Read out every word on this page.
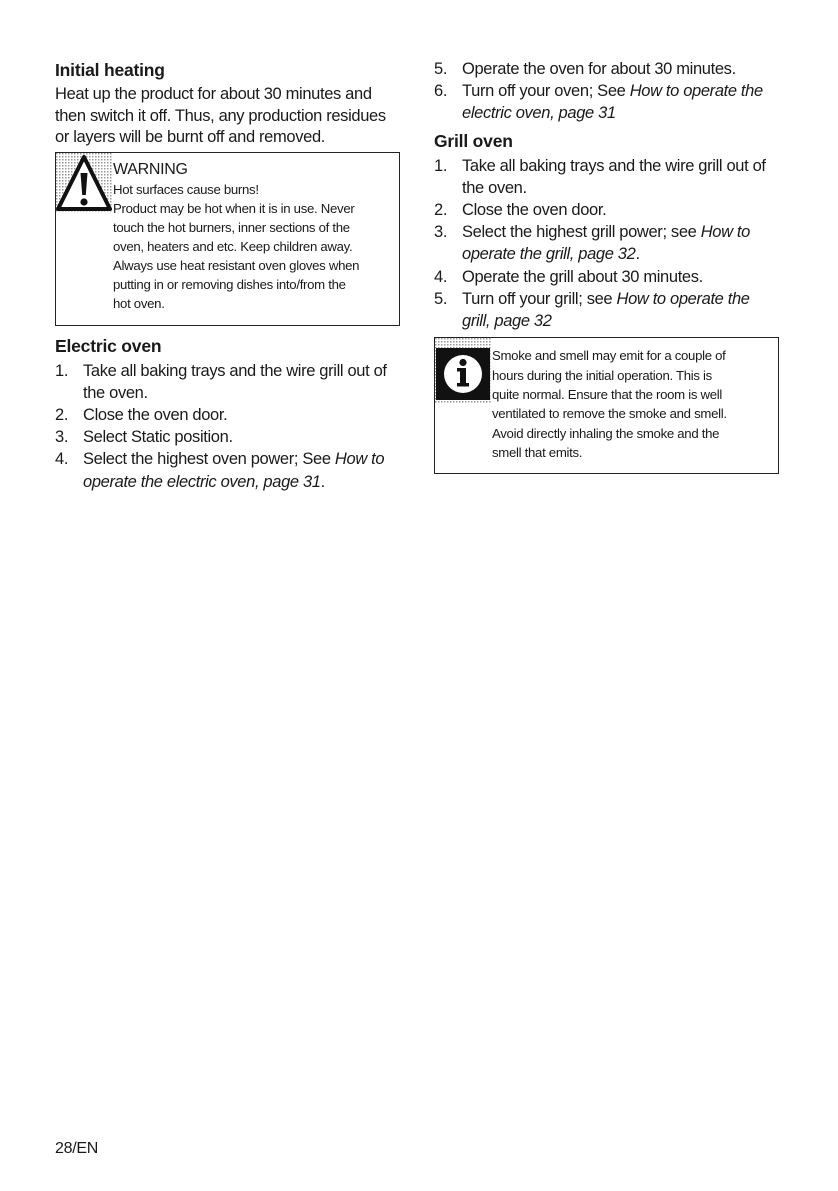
Initial heating

Heat up the product for about 30 minutes and
then switch it off. Thus, any production residues
or layers will be burnt off and removed.

WARNING
Hot surfaces cause burns!
Product may be hot when it is in use. Never
touch the hot burners, inner sections of the
oven, heaters and etc. Keep children away.
Always use heat resistant oven gloves when
putting in or removing dishes into/from the
hot oven.
Electric oven
1. Take all baking trays and the wire grill out of
the oven.
2. Close the oven door.
3. Select Static position.
4. Select the highest oven power; See How to
operate the electric oven, page 31.
5. Operate the oven for about 30 minutes.
6. Turn off your oven; See How to operate the
electric oven, page 31
Grill oven
1. Take all baking trays and the wire grill out of
the oven.
2. Close the oven door.
3. Select the highest grill power; see How to
operate the grill, page 32.
4. Operate the grill about 30 minutes.
5. Turn off your grill; see How to operate the
grill, page 32
Smoke and smell may emit for a couple of
hours during the initial operation. This is
quite normal. Ensure that the room is well
ventilated to remove the smoke and smell.
Avoid directly inhaling the smoke and the
smell that emits.
28/EN
